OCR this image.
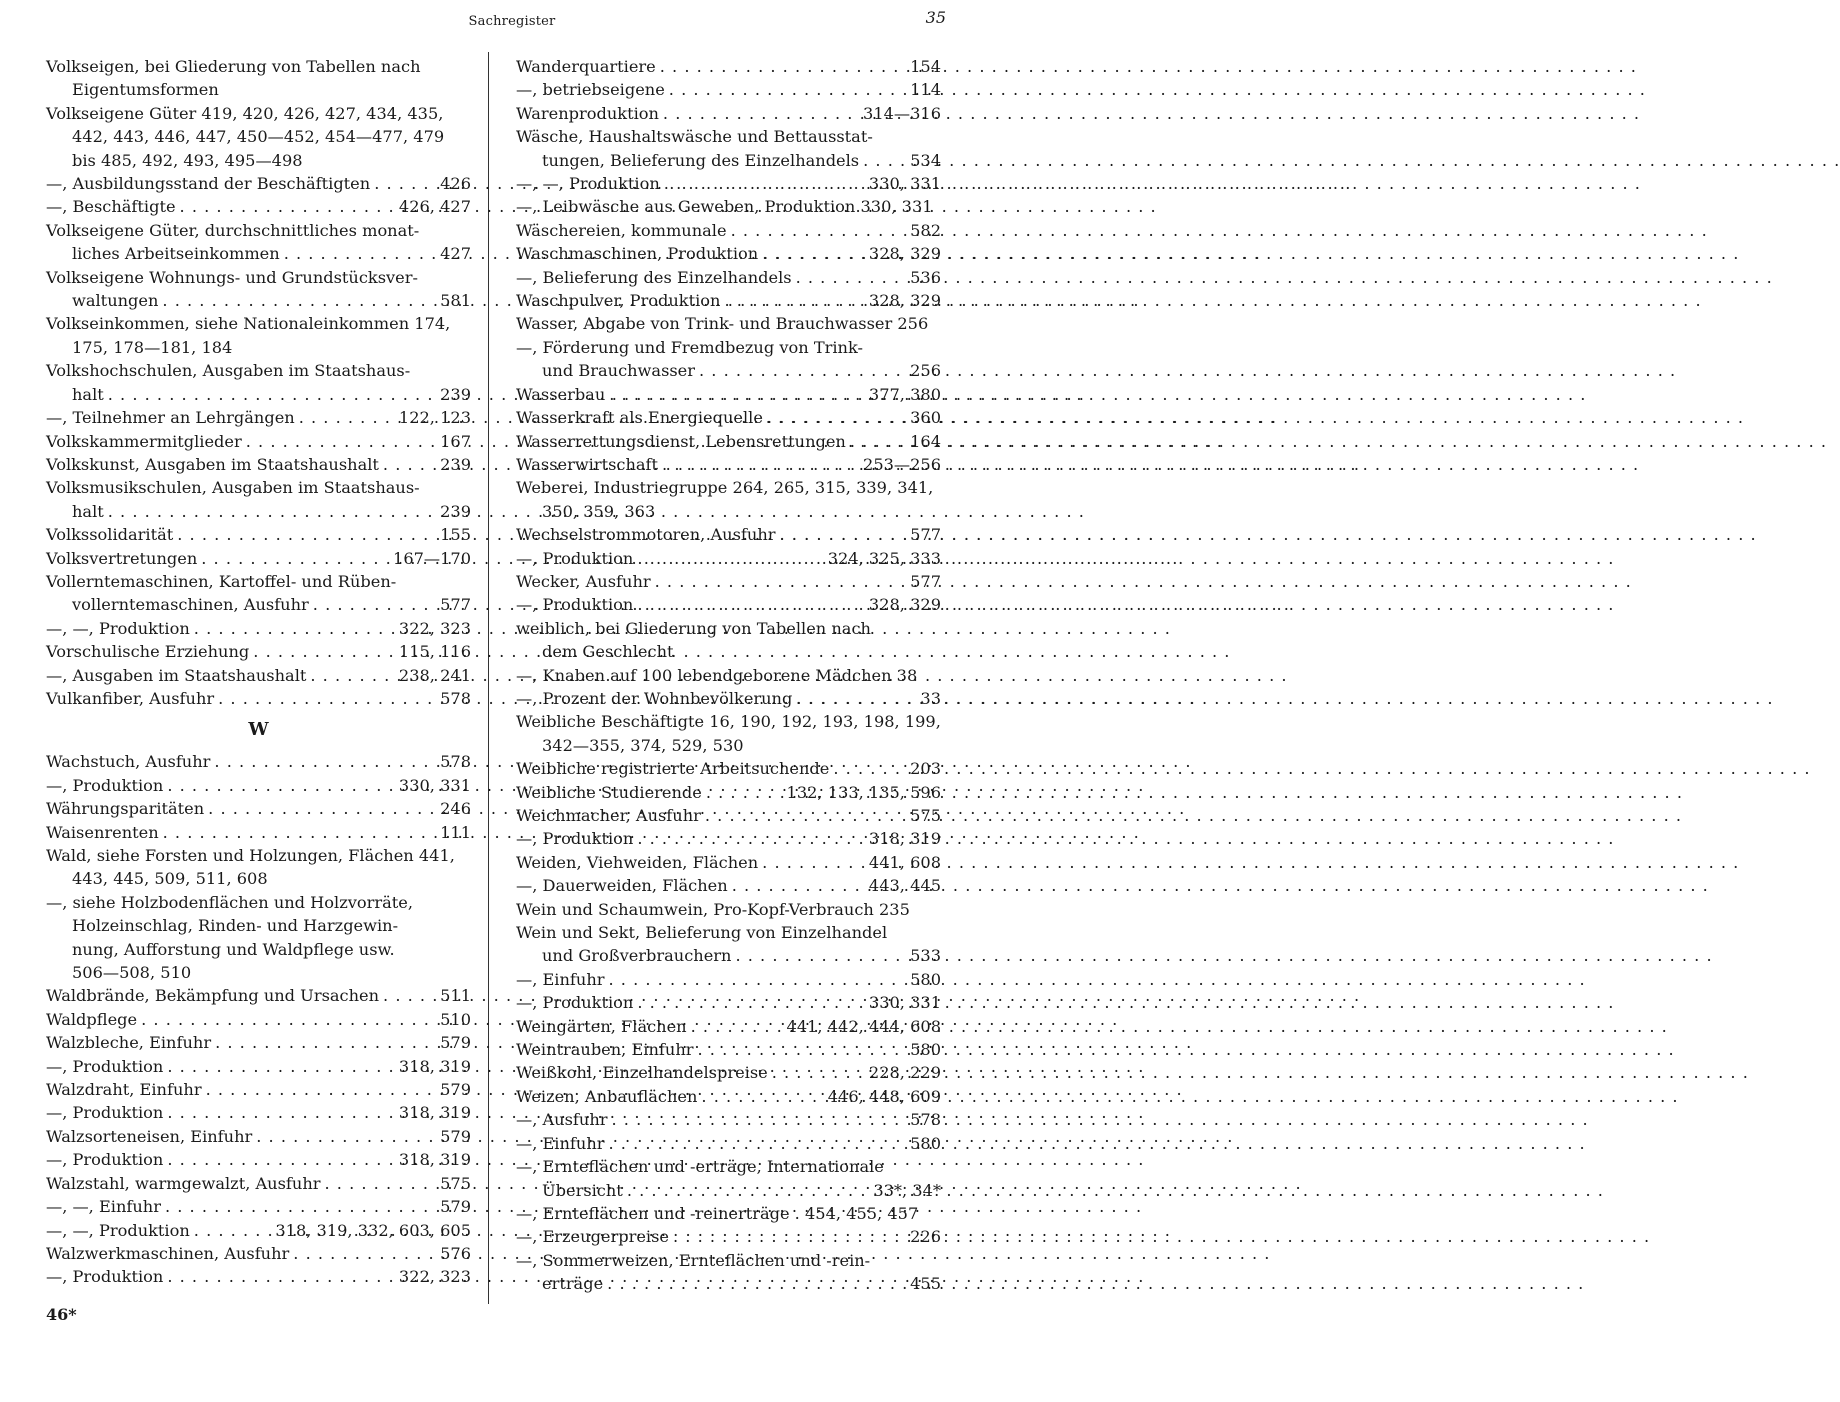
Sachregister	35
Volkseigen, bei Gliederung von Tabellen nach
Eigentumsformen
Volkseigene Güter 419, 420, 426, 427, 434, 435,
442, 443, 446, 447, 450—452, 454—477, 479
bis 485, 492, 493, 495—498
—, Ausbildungsstand der Beschäftigten . . .	426
—, Beschäftigte . . .	426, 427
Volkseigene Güter, durchschnittliches monat-
liches Arbeitseinkommen . . .	427
Volkseigene Wohnungs- und Grundstücksver-
waltungen . . .	581
Volkseinkommen, siehe Nationaleinkommen 174,
175, 178—181, 184
Volkshochschulen, Ausgaben im Staatshaus-
halt . . .	239
—, Teilnehmer an Lehrgängen . . .	122, 123
Volkskammermitglieder . . .	167
Volkskunst, Ausgaben im Staatshaushalt . . .	239
Volksmusikschulen, Ausgaben im Staatshaus-
halt . . .	239
Volkssolidarität . . .	155
Volksvertretungen . . .	167—170
Vollerntemaschinen, Kartoffel- und Rüben-
vollerntemaschinen, Ausfuhr . . .	577
—, —, Produktion . . .	322, 323
Vorschulische Erziehung . . .	115, 116
—, Ausgaben im Staatshaushalt . . .	238, 241
Vulkanfiber, Ausfuhr . . .	578
W
Wachstuch, Ausfuhr . . .	578
—, Produktion . . .	330, 331
Währungsparitäten . . .	246
Waisenrenten . . .	111
Wald, siehe Forsten und Holzungen, Flächen 441,
443, 445, 509, 511, 608
—, siehe Holzbodenflächen und Holzvorräte,
Holzeinschlag, Rinden- und Harzgewin-
nung, Aufforstung und Waldpflege usw.
506—508, 510
Waldbrände, Bekämpfung und Ursachen . . .	511
Waldpflege . . .	510
Walzbleche, Einfuhr . . .	579
—, Produktion . . .	318, 319
Walzdraht, Einfuhr . . .	579
—, Produktion . . .	318, 319
Walzsorteneisen, Einfuhr . . .	579
—, Produktion . . .	318, 319
Walzstahl, warmgewalzt, Ausfuhr . . .	575
—, —, Einfuhr . . .	579
—, —, Produktion . . .	318, 319, 332, 603, 605
Walzwerkmaschinen, Ausfuhr . . .	576
—, Produktion . . .	322, 323
Wanderquartiere . . .	154
—, betriebseigene . . .	114
Warenproduktion . . .	314—316
Wäsche, Haushaltswäsche und Bettausstat-
tungen, Belieferung des Einzelhandels . . .	534
—, —, Produktion . . .	330, 331
—, Leibwäsche aus Geweben, Produktion 330, 331
Wäschereien, kommunale . . .	582
Waschmaschinen, Produktion . . .	328, 329
—, Belieferung des Einzelhandels . . .	536
Waschpulver, Produktion . . .	328, 329
Wasser, Abgabe von Trink- und Brauchwasser 256
—, Förderung und Fremdbezug von Trink-
und Brauchwasser . . .	256
Wasserbau . . .	377, 380
Wasserkraft als Energiequelle . . .	360
Wasserrettungsdienst, Lebensrettungen . . .	164
Wasserwirtschaft . . .	253—256
Weberei, Industriegruppe 264, 265, 315, 339, 341,
350, 359, 363
Wechselstrommotoren, Ausfuhr . . .	577
—, Produktion . . .	324, 325, 333
Wecker, Ausfuhr . . .	577
—, Produktion . . .	328, 329
weiblich, bei Gliederung von Tabellen nach
dem Geschlecht
—, Knaben auf 100 lebendgeborene Mädchen 38
—, Prozent der Wohnbevölkerung . . .	33
Weibliche Beschäftigte 16, 190, 192, 193, 198, 199,
342—355, 374, 529, 530
Weibliche registrierte Arbeitsuchende . . .	203
Weibliche Studierende . . .	132, 133, 135, 596
Weichmacher, Ausfuhr . . .	575
—, Produktion . . .	318, 319
Weiden, Viehweiden, Flächen . . .	441, 608
—, Dauerweiden, Flächen . . .	443, 445
Wein und Schaumwein, Pro-Kopf-Verbrauch 235
Wein und Sekt, Belieferung von Einzelhandel
und Großverbrauchern . . .	533
—, Einfuhr . . .	580
—, Produktion . . .	330, 331
Weingärten, Flächen . . .	441, 442, 444, 608
Weintrauben, Einfuhr . . .	580
Weißkohl, Einzelhandelspreise . . .	228, 229
Weizen, Anbauflächen . . .	446, 448, 609
—, Ausfuhr . . .	578
—, Einfuhr . . .	580
—, Ernteflächen und -erträge, Internationale
Übersicht . . .	33*, 34*
—, Ernteflächen und -reinerträge . 454, 455, 457
—, Erzeugerpreise . . .	226
—, Sommerweizen, Ernteflächen und -rein-
erträge . . .	455
46*
